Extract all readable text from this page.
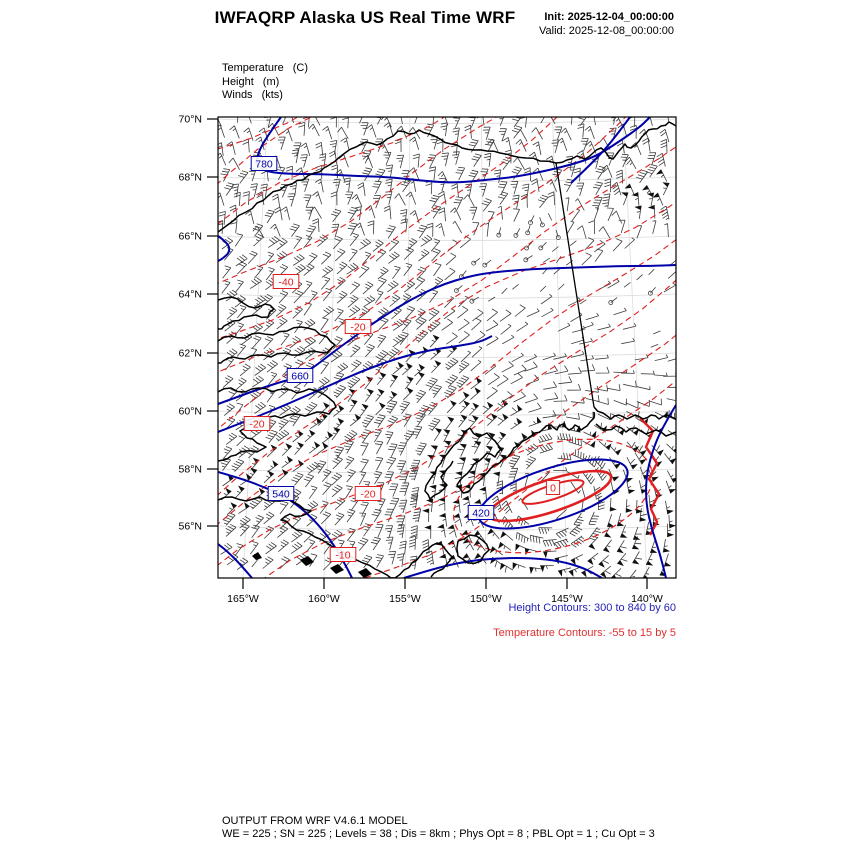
IWFAQRP Alaska US Real Time WRF	Init: 2025-12-04_00:00:00
Valid: 2025-12-08_00:00:00
Temperature (C)
Height (m)
Winds (kts)
70°N
68°N
66°N
64°N
62°N
60°N
58°N
56°N
165°W	160°W	155°W	150°W	145°W	140°W
780
660
540
420
-40
-20
-20
-20
-10
0
Height Contours: 300 to 840 by 60
Temperature Contours: -55 to 15 by 5
OUTPUT FROM WRF V4.6.1 MODEL
WE = 225 ; SN = 225 ; Levels = 38 ; Dis = 8km ; Phys Opt = 8 ; PBL Opt = 1 ; Cu Opt = 3
